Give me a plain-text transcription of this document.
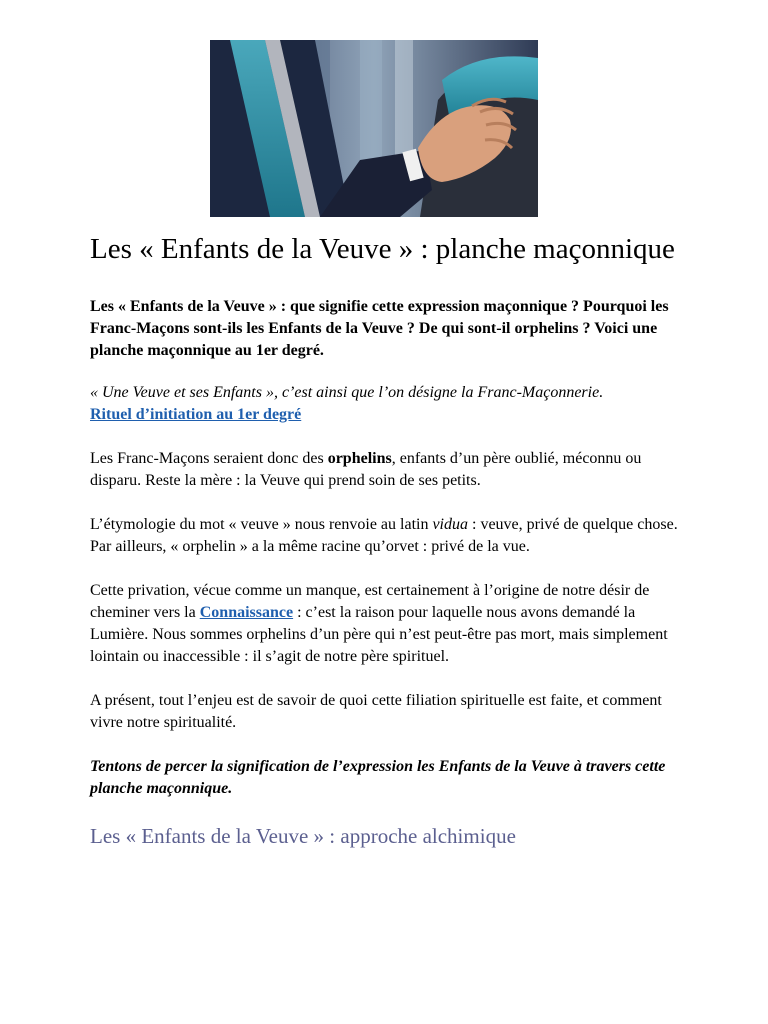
Les « Enfants de la Veuve » : planche maçonnique

Les « Enfants de la Veuve » : que signifie cette expression maçonnique ? Pourquoi les Franc-Maçons sont-ils les Enfants de la Veuve ? De qui sont-il orphelins ? Voici une planche maçonnique au 1er degré.

« Une Veuve et ses Enfants », c’est ainsi que l’on désigne la Franc-Maçonnerie.
Rituel d’initiation au 1er degré

Les Franc-Maçons seraient donc des orphelins, enfants d’un père oublié, méconnu ou disparu. Reste la mère : la Veuve qui prend soin de ses petits.

L’étymologie du mot « veuve » nous renvoie au latin vidua : veuve, privé de quelque chose. Par ailleurs, « orphelin » a la même racine qu’orvet : privé de la vue.

Cette privation, vécue comme un manque, est certainement à l’origine de notre désir de cheminer vers la Connaissance : c’est la raison pour laquelle nous avons demandé la Lumière. Nous sommes orphelins d’un père qui n’est peut-être pas mort, mais simplement lointain ou inaccessible : il s’agit de notre père spirituel.

A présent, tout l’enjeu est de savoir de quoi cette filiation spirituelle est faite, et comment vivre notre spiritualité.

Tentons de percer la signification de l’expression les Enfants de la Veuve à travers cette planche maçonnique.

Les « Enfants de la Veuve » : approche alchimique
